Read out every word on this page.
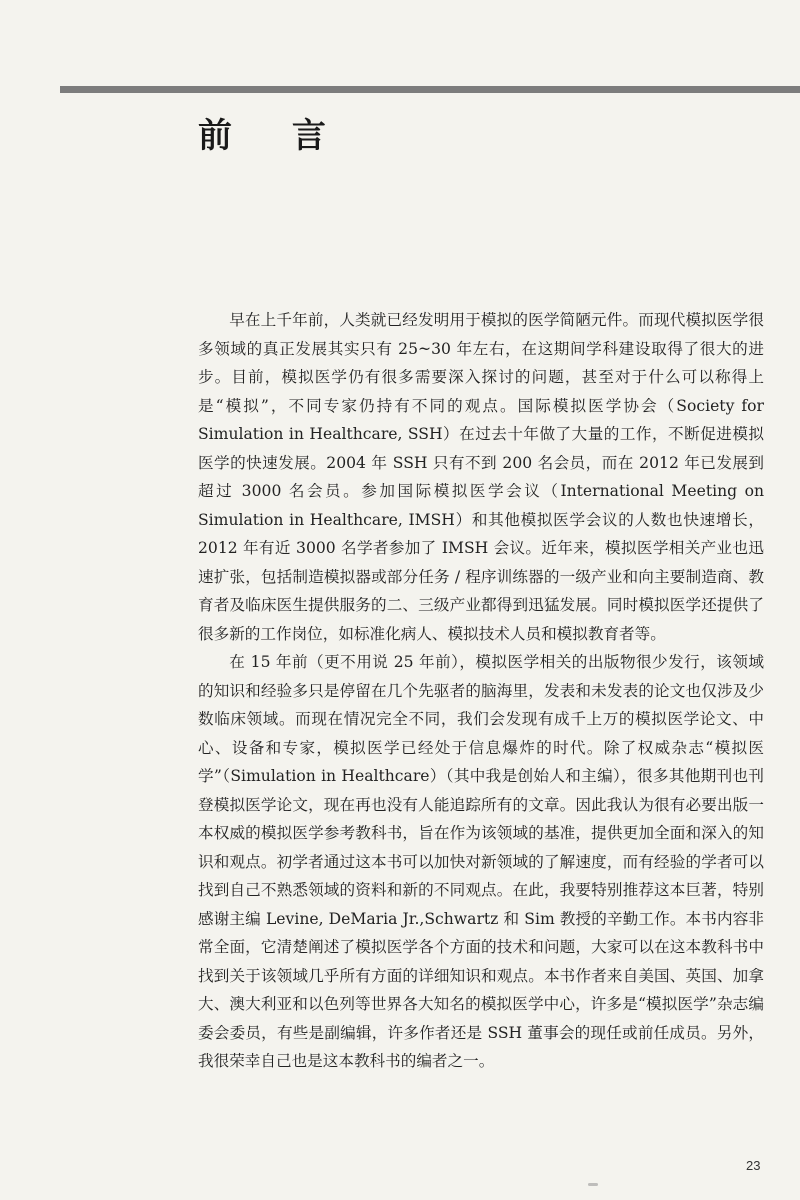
前 言

早在上千年前，人类就已经发明用于模拟的医学简陋元件。而现代模拟医学很多领域的真正发展其实只有 25~30 年左右，在这期间学科建设取得了很大的进步。目前，模拟医学仍有很多需要深入探讨的问题，甚至对于什么可以称得上是“模拟”，不同专家仍持有不同的观点。国际模拟医学协会（Society for Simulation in Healthcare, SSH）在过去十年做了大量的工作，不断促进模拟医学的快速发展。2004 年 SSH 只有不到 200 名会员，而在 2012 年已发展到超过 3000 名会员。参加国际模拟医学会议（International Meeting on Simulation in Healthcare, IMSH）和其他模拟医学会议的人数也快速增长，2012 年有近 3000 名学者参加了 IMSH 会议。近年来，模拟医学相关产业也迅速扩张，包括制造模拟器或部分任务 / 程序训练器的一级产业和向主要制造商、教育者及临床医生提供服务的二、三级产业都得到迅猛发展。同时模拟医学还提供了很多新的工作岗位，如标准化病人、模拟技术人员和模拟教育者等。

在 15 年前（更不用说 25 年前），模拟医学相关的出版物很少发行，该领域的知识和经验多只是停留在几个先驱者的脑海里，发表和未发表的论文也仅涉及少数临床领域。而现在情况完全不同，我们会发现有成千上万的模拟医学论文、中心、设备和专家，模拟医学已经处于信息爆炸的时代。除了权威杂志“模拟医学”（Simulation in Healthcare）（其中我是创始人和主编），很多其他期刊也刊登模拟医学论文，现在再也没有人能追踪所有的文章。因此我认为很有必要出版一本权威的模拟医学参考教科书，旨在作为该领域的基准，提供更加全面和深入的知识和观点。初学者通过这本书可以加快对新领域的了解速度，而有经验的学者可以找到自己不熟悉领域的资料和新的不同观点。在此，我要特别推荐这本巨著，特别感谢主编 Levine, DeMaria Jr.,Schwartz 和 Sim 教授的辛勤工作。本书内容非常全面，它清楚阐述了模拟医学各个方面的技术和问题，大家可以在这本教科书中找到关于该领域几乎所有方面的详细知识和观点。本书作者来自美国、英国、加拿大、澳大利亚和以色列等世界各大知名的模拟医学中心，许多是“模拟医学”杂志编委会委员，有些是副编辑，许多作者还是 SSH 董事会的现任或前任成员。另外，我很荣幸自己也是这本教科书的编者之一。

23
